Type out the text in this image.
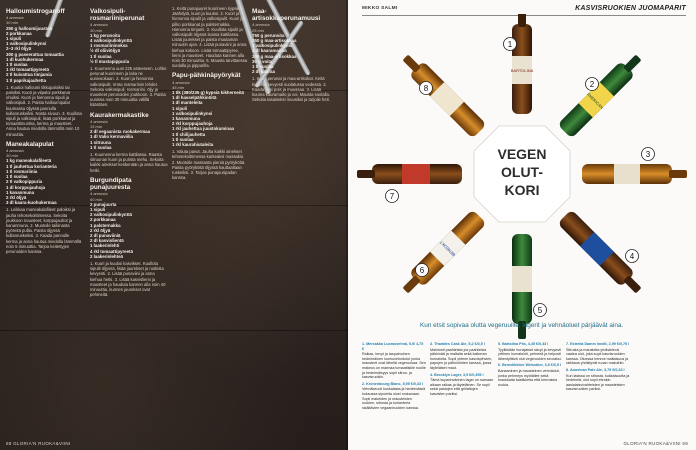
Halloumistroganoff
4 annosta
30 min
250 g halloumijuustoa
2 porkkanaa
1 sipuli
1 valkosipulinkynsi
2–3 rkl öljyä
300 g paseerattua tomaattia
1 dl kuohukermaa
1 tl suolaa
1 rkl tomaattipyreetä
2 tl kuivattua timjamia
1 tl paprikajauhetta
1. Kuutioi halloumi tikkupaloiksi tai paloiksi. Kuori ja viipaloi porkkanat ohuiksi. Kuori ja hienonna sipuli ja valkosipuli. 2. Paista halloumipalat kuumassa öljyssä pannulla kullanruskeiksi. Nosta sivuun. 3. Kuullota sipuli ja valkosipuli, lisää porkkanat ja tomaattimurska, kerma ja mausteet. Anna hautua miedolla lämmöllä noin 10 minuuttia.
Maneakalapulat
4 annosta
30 min
1 kg maneakalafileetä
1 tl jauhettua korianteria
1 tl rosmariinia
1 tl suolaa
2 tl valkopippuria
1 dl korppujauhoja
1 kananmuna
2 rkl öljyä
3 dl kaura-kuohukermaa
1. Leikkaa maneakalafileet paloiksi ja jauha tehosekoittimessa. Sekoita joukkoon mausteet, korppujauhot ja kananmuna. 2. Muotoile taikinasta pyöreitä pullia. Paista öljyssä kullanruskeiksi. 3. Kaada pannulle kerma ja anna hautua miedolla lämmöllä noin 5 minuuttia. Tarjoa keitettyjen perunoiden kanssa.
Valkosipuli-rosmariiniperunat
4 annosta
30 min
1 kg perunoita
4 valkosipulinkynttä
1 rosmariininoksa
½ dl oliiviöljyä
1 tl suolaa
½ tl mustapippuria
1. Kuumenna uuni 225 asteeseen. Lohko perunat kuorineen ja laita ne uunivuokaan. 2. Kuori ja hienonna valkosipulit. Irrota rosmariinin lehdet. Sekoita valkosipuli, rosmariini, öljy ja mausteet perunoiden joukkoon. 3. Paista uunissa noin 30 minuuttia välillä kääntäen.
Kaurakermakastike
4 annosta
15 min
2 dl vegaanista ruokakermaa
1 dl Valio kermaviilia
1 sitruuna
1 tl suolaa
1. Kuumenna kerma kattilassa. Raasta sitruunan kuori ja purista mehu. Sekoita kaikki ainekset keskenään ja anna hautua hetki.
Burgundipata punajuuresta
4 annosta
60 min
2 punajuurta
1 sipuli
2 valkosipulinkynttä
2 porkkanaa
1 palsternakka
2 rkl öljyä
2 dl punaviiniä
2 dl kasvislientä
1 laakerinlehti
4 rkl tomaattipyreetä
2 laakerinlehteä
1. Kuori ja kuutioi kasvikset. Kuullota sipulit öljyssä, lisää juurekset ja ruskista kevyesti. 2. Lisää punaviini ja anna kiehua hetki. 3. Lisää kasvisliemi ja mausteet ja hauduta kannen alla noin 40 minuuttia, kunnes juurekset ovat pehmeitä.
1. Keitä punajuuret kuorineen kypsiksi. Jäähdytä, kuori ja kuutioi. 2. Kuori ja hienonna sipulit ja valkosipulit. Kuori ja pilko porkkanat ja palsternakka. Hienonna timjami. 3. Kuullota sipulit ja valkosipulit öljyssä isossa kattilassa. Lisää juurekset ja paista muutaman minuutin ajan. 4. Lisää punaviini ja anna kiehua kokoon. Lisää tomaattipyree, liemi ja mausteet. Hauduta kannen alla noin 30 minuuttia. 5. Mausta tarvittaessa suolalla ja pippurilla.
Papu-pähkinäpyörykät
4 annosta
45 min
1 tlk (380/235 g) kypsiä kikherneitä
1 dl hasselpähkinöitä
1 dl manteleita
1 sipuli
1 valkosipulinkynsi
1 kananmuna
2 rkl korppujauhoja
1 rkl jauhettua juustokuminaa
1 tl chilijauhetta
1 tl suolaa
1 rkl kaurahiutaleita
1. Valuta pavut. Jauha kaikki ainekset tehosekoittimessa karkeaksi massaksi. 2. Muotoile massasta pieniä pyöryköitä. Paista pyöryköitä öljyssä kauttaaltaan ruskeiksi. 3. Tarjoa punajuuripadan kanssa.
Maa-artisokkaperunamuusi
4 annosta
25 min
750 g perunoita
250 g maa-artisokkaa
1 valkosipulinkynsi
1 dl kauramaitoa
300 g maa-artisokkaa
30 g voita
1 tl suolaa
2 dl kauraa
1. Kuori perunat ja maa-artisokat. Keitä kypsiksi kevyesti suolatussa vedessä. 2. Kaada vesi pois ja muussaa. 3. Lisää kuuma kauramaito ja voi. Mausta suolalla. Sekoita tasaiseksi muusiksi ja tarjoile heti.
68 GLORIA'N RUOKA&VIINI
MIKKO SALMI	KASVISRUOKIEN JUOMAPARIT
BARTOLINA
AMERICAN
BENEDIKT
VEGEN
OLUT-
KORI
1
2
3
4
5
6
7
8
Kun etsit sopivaa olutta vegeruuille, lagerit ja vehnäoluet pärjäävät aina.
1. Mersakka Luomuvehnä, 5,9/ 4,75 €
Raikas, kevyt ja taspainoinen hedelmäinen luomuvehnäolut jonka mausteet ovat lähellä vegeruokaa. Sen makeus on mannaa tomaattisille ruoille ja hedelmäisyys sopii sitrus- ja kasvisruokiin.
2. Kronenbourg Blanc, 5,95 €/0,33 l
Vehnäkeuoli kuskalasta ja hedelmäisiä kuksussa sipuleita oluel mukanaan. Sopii makeiden ja mausteisten ruokien, sitrusta ja korianteria sisältävien vegaaniruokien kanssa.
3. Thwaites Cask Ale, 5,2 €/0,5 l
Mainiosti paahteista jos paahteisia pähkinää ja maltaita sekä katkeran humaloita. Sopii yhteen kasvispihvien, papujen ja pähkinöiden kanssa, jossa täyteläiset maut.
4. Brooklyn Lager, 3,9 €/0,355 l
Tämä kuparinvärinen lager on samaan aikaan raikas ja täyteläinen. Se sopii sekä pastojen että grillattujen kasvisten pariksi.
5. Bartolina Pils, 4,45 €/0,33 l
Tyylikkään hunajaiset sävyt ja kevyesti yrttinen humalointi, pehmeä ja helposti lähestyttävä olut vegeruokien seuraksi.
6. Benediktiner Weissbier, 3,5 €/0,5 l
Banaaninen ja mausteinen vehnäolut, jonka pehmeys myötäilee sekä maukkaita kastikkeita että kermaisia ruokia.
7. Estrella Damm Inedit, 2,99 €/0,75 l
Sitrusta ja mausteita yhdistelevä vaalea olut, joka sopii kasvisruokien kanssa. Oluessa hennot maltaisuus ja raikkaus yhdistyvät ruoan makuihin.
8. American Pale Ale, 3,79 €/0,33 l
Kun lasissa on sitrusta, kukkaisuutta ja hedelmiä, olut sopii etenkin aasialaisvivahteisten ja mausteisten kasvisruokien pariksi.
GLORIA'N RUOKA&VIINI 69
